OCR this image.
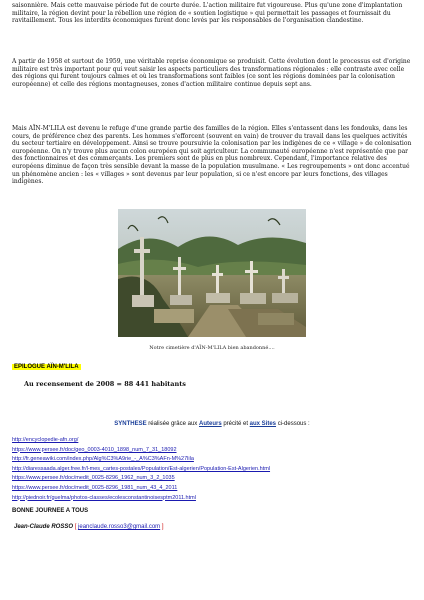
saisonnière. Mais cette mauvaise période fut de courte durée. L'action militaire fut vigoureuse. Plus qu'une zone d'implantation militaire, la région devint pour la rébellion une région de « soutien logistique » qui permettait les passages et fournissait du ravitaillement. Tous les interdits économiques furent donc levés par les responsables de l'organisation clandestine.
A partir de 1958 et surtout de 1959, une véritable reprise économique se produisit. Cette évolution dont le processus est d'origine militaire est très important pour qui veut saisir les aspects particuliers des transformations régionales : elle contraste avec celle des régions qui furent toujours calmes et où les transformations sont faibles (ce sont les régions dominées par la colonisation européenne) et celle des régions montagneuses, zones d'action militaire continue depuis sept ans.
Mais AÏN-M'LILA est devenu le refuge d'une grande partie des familles de la région. Elles s'entassent dans les fondouks, dans les cours, de préférence chez des parents. Les hommes s'efforcent (souvent en vain) de trouver du travail dans les quelques activités du secteur tertiaire en développement. Ainsi se trouve poursuivie la colonisation par les indigènes de ce « village » de colonisation européenne. On n'y trouve plus aucun colon européen qui soit agriculteur. La communauté européenne n'est représentée que par des fonctionnaires et des commerçants. Les premiers sont de plus en plus nombreux. Cependant, l'importance relative des européens diminue de façon très sensible devant la masse de la population musulmane. « Les regroupements » ont donc accentué un phénomène ancien : les « villages » sont devenus par leur population, si ce n'est encore par leurs fonctions, des villages indigènes.
Notre cimetière d'AÏN-M'LILA bien abandonné....
EPILOGUE AÏN-M'LILA
Au recensement de 2008 = 88 441 habitants
SYNTHESE réalisée grâce aux Auteurs précité et aux Sites ci-dessous :
http://encyclopedie-afn.org/
https://www.persee.fr/doc/geo_0003-4010_1898_num_7_31_18092
http://fr.geneawiki.com/index.php/Alg%C3%A9rie_-_A%C3%AFn-M%27lila
http://diaressaada.alger.free.fr/l-mes_cartes-postales/Population/Est-algerien/Population-Est-Algerien.html
https://www.persee.fr/doc/medit_0025-8296_1962_num_3_2_1035
https://www.persee.fr/doc/medit_0025-8296_1981_num_43_4_2011
http://piednoir.fr/guelma/photos-classes/ecolesconstantinoisesptm2011.html
BONNE JOURNEE A TOUS
Jean-Claude ROSSO [ jeanclaude.rosso3@gmail.com ]
